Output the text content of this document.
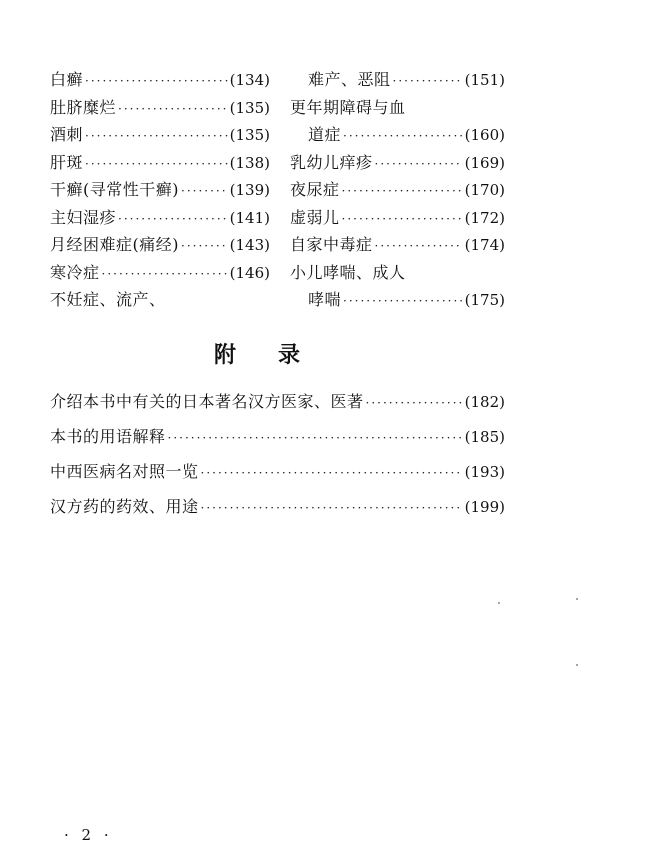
白癣 ·····	(134)
肚脐糜烂 ·····	(135)
酒刺 ·····	(135)
肝斑 ·····	(138)
干癣(寻常性干癣) ·····	(139)
主妇湿疹 ·····	(141)
月经困难症(痛经) ·····	(143)
寒冷症 ·····	(146)
不妊症、流产、
难产、恶阻 ·····	(151)
更年期障碍与血
道症 ·····	(160)
乳幼儿痒疹 ·····	(169)
夜尿症 ·····	(170)
虚弱儿 ·····	(172)
自家中毒症 ·····	(174)
小儿哮喘、成人
哮喘 ·····	(175)
附 录
介绍本书中有关的日本著名汉方医家、医著 ·····	(182)
本书的用语解释 ·····	(185)
中西医病名对照一览 ·····	(193)
汉方药的药效、用途 ·····	(199)
· 2 ·
